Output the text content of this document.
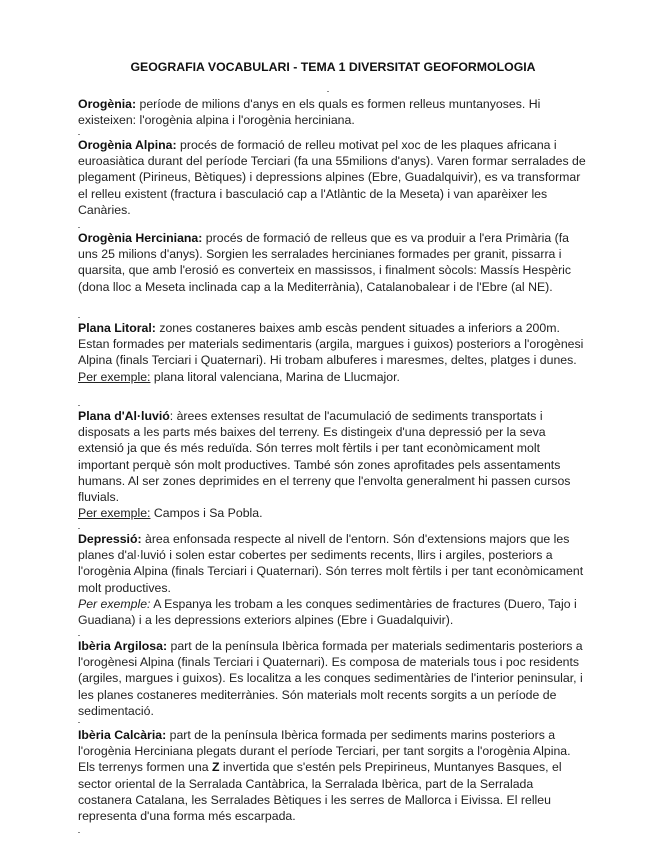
GEOGRAFIA VOCABULARI - TEMA 1 DIVERSITAT GEOFORMOLOGIA
Orogènia: període de milions d'anys en els quals es formen relleus muntanyoses. Hi existeixen: l'orogènia alpina i l'orogènia herciniana.
Orogènia Alpina: procés de formació de relleu motivat pel xoc de les plaques africana i euroasiàtica durant del període Terciari (fa una 55milions d'anys). Varen formar serralades de plegament (Pirineus, Bètiques) i depressions alpines (Ebre, Guadalquivir), es va transformar el relleu existent (fractura i basculació cap a l'Atlàntic de la Meseta) i van aparèixer les Canàries.
Orogènia Herciniana: procés de formació de relleus que es va produir a l'era Primària (fa uns 25 milions d'anys). Sorgien les serralades hercinianes formades per granit, pissarra i quarsita, que amb l'erosió es converteix en massissos, i finalment sòcols: Massís Hespèric (dona lloc a Meseta inclinada cap a la Mediterrània), Catalanobalear i de l'Ebre (al NE).
Plana Litoral: zones costaneres baixes amb escàs pendent situades a inferiors a 200m. Estan formades per materials sedimentaris (argila, margues i guixos) posteriors a l'orogènesi Alpina (finals Terciari i Quaternari). Hi trobam albuferes i maresmes, deltes, platges i dunes.
Per exemple: plana litoral valenciana, Marina de Llucmajor.
Plana d'Al·luvió: àrees extenses resultat de l'acumulació de sediments transportats i disposats a les parts més baixes del terreny. Es distingeix d'una depressió per la seva extensió ja que és més reduïda. Són terres molt fèrtils i per tant econòmicament molt important perquè són molt productives. També són zones aprofitades pels assentaments humans. Al ser zones deprimides en el terreny que l'envolta generalment hi passen cursos fluvials.
Per exemple: Campos i Sa Pobla.
Depressió: àrea enfonsada respecte al nivell de l'entorn. Són d'extensions majors que les planes d'al·luvió i solen estar cobertes per sediments recents, llirs i argiles, posteriors a l'orogènia Alpina (finals Terciari i Quaternari). Són terres molt fèrtils i per tant econòmicament molt productives.
Per exemple: A Espanya les trobam a les conques sedimentàries de fractures (Duero, Tajo i Guadiana) i a les depressions exteriors alpines (Ebre i Guadalquivir).
Ibèria Argilosa: part de la península Ibèrica formada per materials sedimentaris posteriors a l'orogènesi Alpina (finals Terciari i Quaternari). Es composa de materials tous i poc residents (argiles, margues i guixos). Es localitza a les conques sedimentàries de l'interior peninsular, i les planes costaneres mediterrànies. Són materials molt recents sorgits a un període de sedimentació.
Ibèria Calcària: part de la península Ibèrica formada per sediments marins posteriors a l'orogènia Herciniana plegats durant el període Terciari, per tant sorgits a l'orogènia Alpina. Els terrenys formen una Z invertida que s'estén pels Prepirineus, Muntanyes Basques, el sector oriental de la Serralada Cantàbrica, la Serralada Ibèrica, part de la Serralada costanera Catalana, les Serralades Bètiques i les serres de Mallorca i Eivissa. El relleu representa d'una forma més escarpada.
